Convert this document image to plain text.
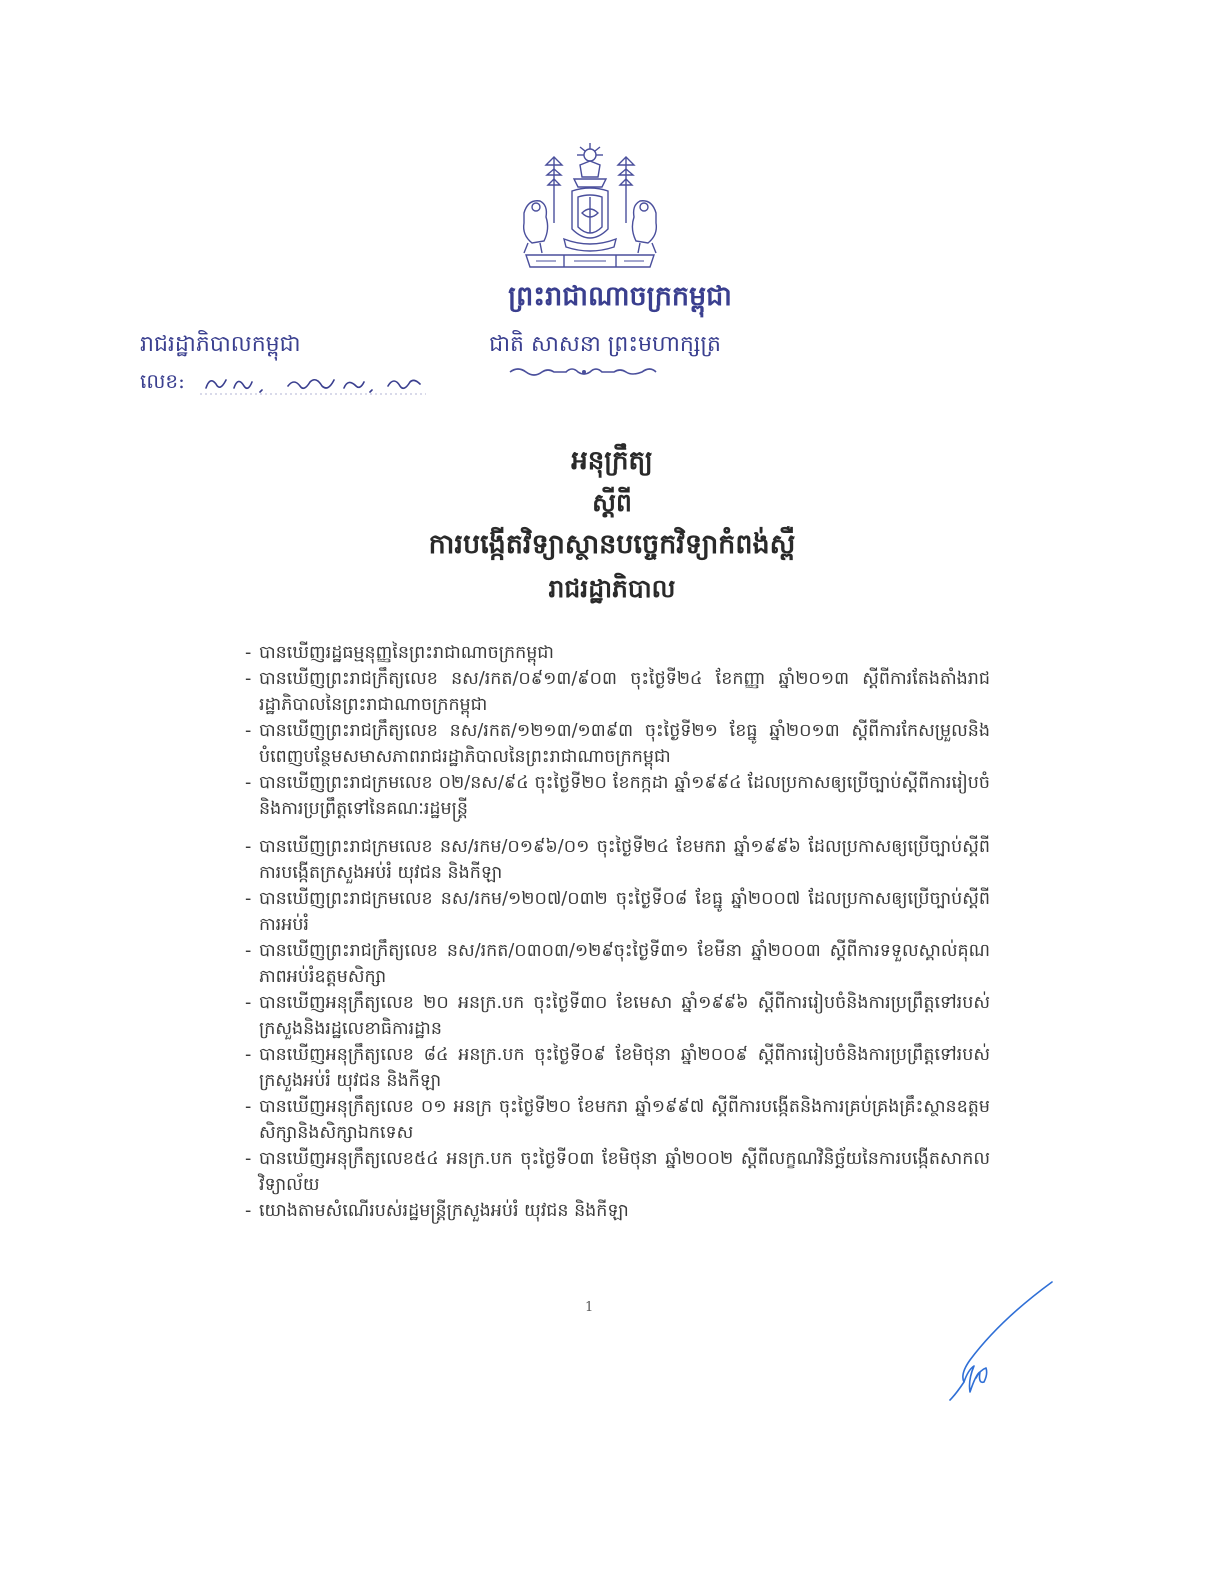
ព្រះរាជាណាចក្រកម្ពុជា
ជាតិ សាសនា ព្រះមហាក្សត្រ
រាជរដ្ឋាភិបាលកម្ពុជា
លេខ:
អនុក្រឹត្យ
ស្តីពី
ការបង្កើតវិទ្យាស្ថានបច្ចេកវិទ្យាកំពង់ស្ពឺ
រាជរដ្ឋាភិបាល
- បានឃើញរដ្ឋធម្មនុញ្ញនៃព្រះរាជាណាចក្រកម្ពុជា
- បានឃើញព្រះរាជក្រឹត្យលេខ នស/រកត/០៩១៣/៩០៣ ចុះថ្ងៃទី២៤ ខែកញ្ញា ឆ្នាំ២០១៣ ស្តីពីការតែងតាំងរាជរដ្ឋាភិបាលនៃព្រះរាជាណាចក្រកម្ពុជា
- បានឃើញព្រះរាជក្រឹត្យលេខ នស/រកត/១២១៣/១៣៩៣ ចុះថ្ងៃទី២១ ខែធ្នូ ឆ្នាំ២០១៣ ស្តីពីការកែសម្រួលនិងបំពេញបន្ថែមសមាសភាពរាជរដ្ឋាភិបាលនៃព្រះរាជាណាចក្រកម្ពុជា
- បានឃើញព្រះរាជក្រមលេខ ០២/នស/៩៤ ចុះថ្ងៃទី២០ ខែកក្កដា ឆ្នាំ១៩៩៤ ដែលប្រកាសឲ្យប្រើច្បាប់ស្តីពីការរៀបចំនិងការប្រព្រឹត្តទៅនៃគណៈរដ្ឋមន្ត្រី
- បានឃើញព្រះរាជក្រមលេខ នស/រកម/០១៩៦/០១ ចុះថ្ងៃទី២៤ ខែមករា ឆ្នាំ១៩៩៦ ដែលប្រកាសឲ្យប្រើច្បាប់ស្តីពីការបង្កើតក្រសួងអប់រំ យុវជន និងកីឡា
- បានឃើញព្រះរាជក្រមលេខ នស/រកម/១២០៧/០៣២ ចុះថ្ងៃទី០៨ ខែធ្នូ ឆ្នាំ២០០៧ ដែលប្រកាសឲ្យប្រើច្បាប់ស្តីពីការអប់រំ
- បានឃើញព្រះរាជក្រឹត្យលេខ នស/រកត/០៣០៣/១២៩ចុះថ្ងៃទី៣១ ខែមីនា ឆ្នាំ២០០៣ ស្តីពីការទទួលស្គាល់គុណភាពអប់រំឧត្តមសិក្សា
- បានឃើញអនុក្រឹត្យលេខ ២០ អនក្រ.បក ចុះថ្ងៃទី៣០ ខែមេសា ឆ្នាំ១៩៩៦ ស្តីពីការរៀបចំនិងការប្រព្រឹត្តទៅរបស់ក្រសួងនិងរដ្ឋលេខាធិការដ្ឋាន
- បានឃើញអនុក្រឹត្យលេខ ៨៤ អនក្រ.បក ចុះថ្ងៃទី០៩ ខែមិថុនា ឆ្នាំ២០០៩ ស្តីពីការរៀបចំនិងការប្រព្រឹត្តទៅរបស់ក្រសួងអប់រំ យុវជន និងកីឡា
- បានឃើញអនុក្រឹត្យលេខ ០១ អនក្រ ចុះថ្ងៃទី២០ ខែមករា ឆ្នាំ១៩៩៧ ស្តីពីការបង្កើតនិងការគ្រប់គ្រងគ្រឹះស្ថានឧត្តមសិក្សានិងសិក្សាឯកទេស
- បានឃើញអនុក្រឹត្យលេខ៥៤ អនក្រ.បក ចុះថ្ងៃទី០៣ ខែមិថុនា ឆ្នាំ២០០២ ស្តីពីលក្ខណវិនិច្ឆ័យនៃការបង្កើតសាកលវិទ្យាល័យ
- យោងតាមសំណើរបស់រដ្ឋមន្ត្រីក្រសួងអប់រំ យុវជន និងកីឡា
1
